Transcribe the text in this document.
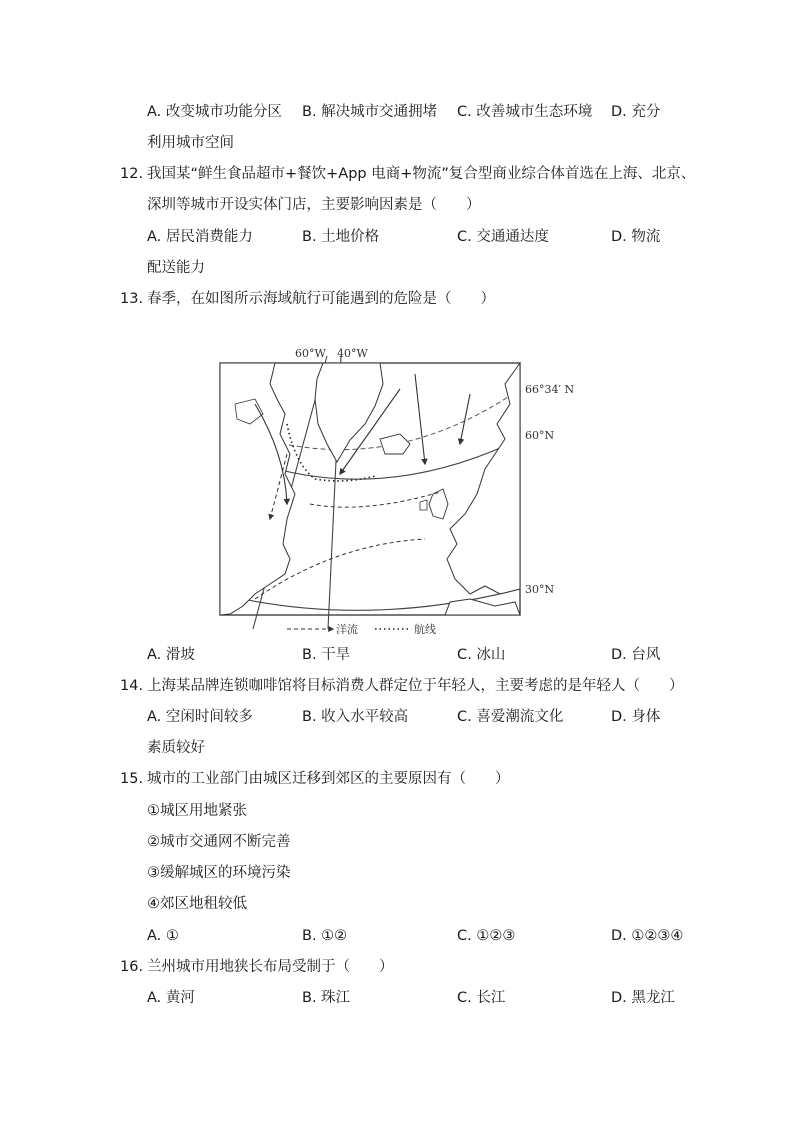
A. 改变城市功能分区 B. 解决城市交通拥堵 C. 改善城市生态环境 D. 充分
利用城市空间
12. 我国某“鲜生食品超市+餐饮+App 电商+物流”复合型商业综合体首选在上海、北京、
深圳等城市开设实体门店，主要影响因素是（　　）
A. 居民消费能力	B. 土地价格	C. 交通通达度	D. 物流
配送能力
13. 春季，在如图所示海域航行可能遇到的危险是（　　）
60°W 40°W
66°34′ N
60°N
30°N
洋流	航线
A. 滑坡	B. 干旱	C. 冰山	D. 台风
14. 上海某品牌连锁咖啡馆将目标消费人群定位于年轻人，主要考虑的是年轻人（　　）
A. 空闲时间较多	B. 收入水平较高	C. 喜爱潮流文化	D. 身体
素质较好
15. 城市的工业部门由城区迁移到郊区的主要原因有（　　）
①城区用地紧张
②城市交通网不断完善
③缓解城区的环境污染
④郊区地租较低
A. ①	B. ①②	C. ①②③	D. ①②③④
16. 兰州城市用地狭长布局受制于（　　）
A. 黄河	B. 珠江	C. 长江	D. 黑龙江
